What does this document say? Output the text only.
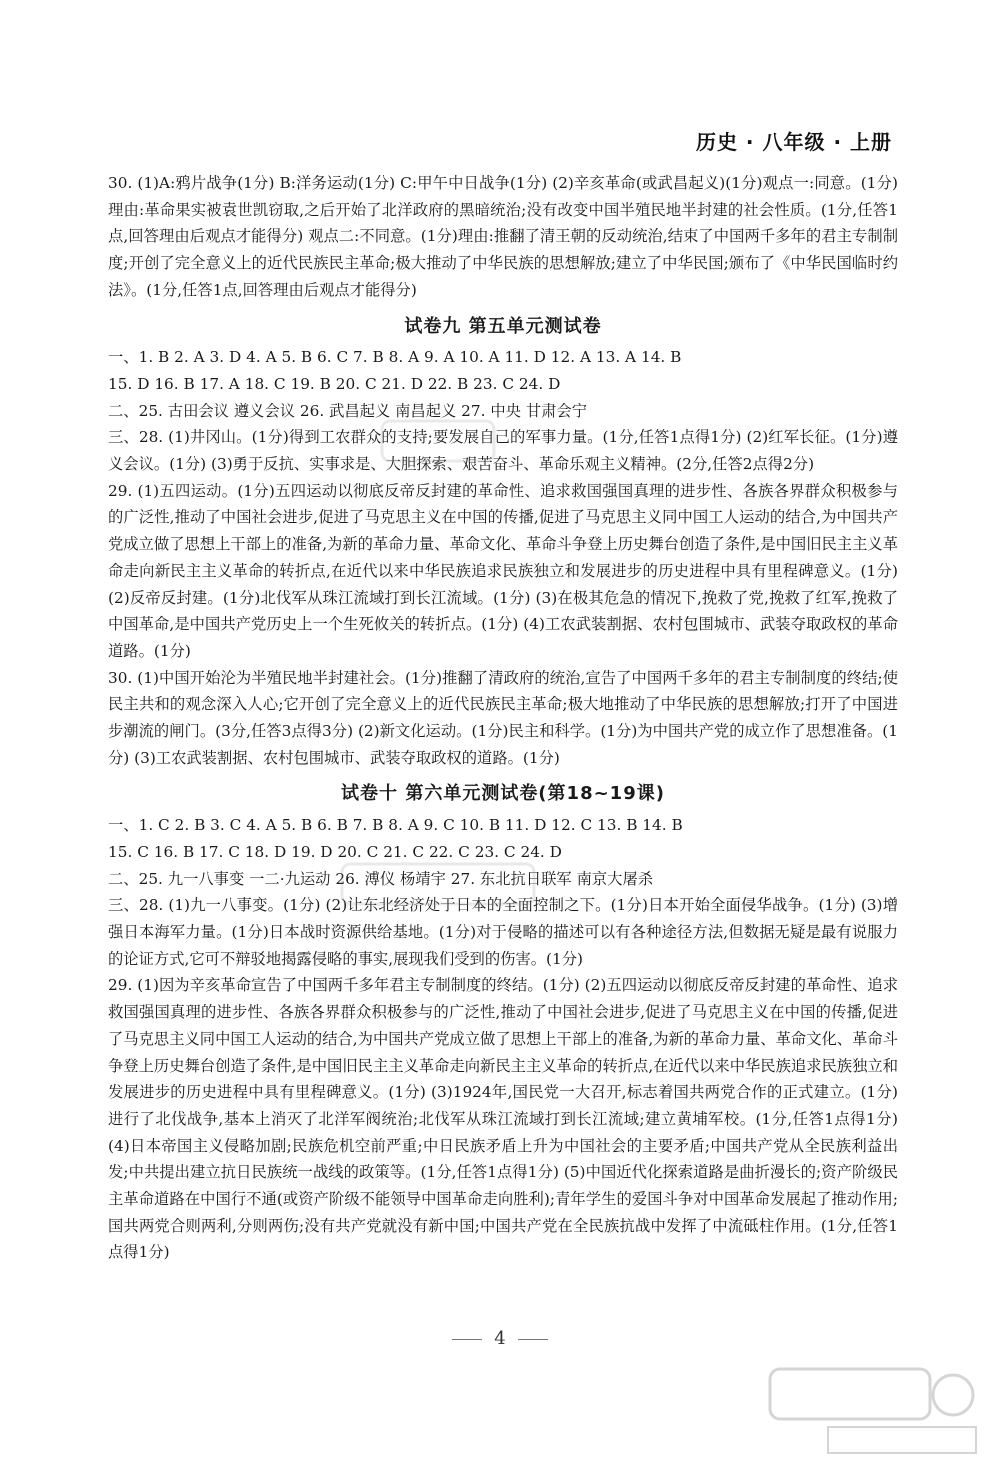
历史 · 八年级 · 上册

30. (1)A:鸦片战争(1分) B:洋务运动(1分) C:甲午中日战争(1分) (2)辛亥革命(或武昌起义)(1分)观点一:同意。(1分)理由:革命果实被袁世凯窃取,之后开始了北洋政府的黑暗统治;没有改变中国半殖民地半封建的社会性质。(1分,任答1点,回答理由后观点才能得分) 观点二:不同意。(1分)理由:推翻了清王朝的反动统治,结束了中国两千多年的君主专制制度;开创了完全意义上的近代民族民主革命;极大推动了中华民族的思想解放;建立了中华民国;颁布了《中华民国临时约法》。(1分,任答1点,回答理由后观点才能得分)

试卷九 第五单元测试卷

一、1. B 2. A 3. D 4. A 5. B 6. C 7. B 8. A 9. A 10. A 11. D 12. A 13. A 14. B

15. D 16. B 17. A 18. C 19. B 20. C 21. D 22. B 23. C 24. D

二、25. 古田会议 遵义会议 26. 武昌起义 南昌起义 27. 中央 甘肃会宁

三、28. (1)井冈山。(1分)得到工农群众的支持;要发展自己的军事力量。(1分,任答1点得1分) (2)红军长征。(1分)遵义会议。(1分) (3)勇于反抗、实事求是、大胆探索、艰苦奋斗、革命乐观主义精神。(2分,任答2点得2分)

29. (1)五四运动。(1分)五四运动以彻底反帝反封建的革命性、追求救国强国真理的进步性、各族各界群众积极参与的广泛性,推动了中国社会进步,促进了马克思主义在中国的传播,促进了马克思主义同中国工人运动的结合,为中国共产党成立做了思想上干部上的准备,为新的革命力量、革命文化、革命斗争登上历史舞台创造了条件,是中国旧民主主义革命走向新民主主义革命的转折点,在近代以来中华民族追求民族独立和发展进步的历史进程中具有里程碑意义。(1分) (2)反帝反封建。(1分)北伐军从珠江流域打到长江流域。(1分) (3)在极其危急的情况下,挽救了党,挽救了红军,挽救了中国革命,是中国共产党历史上一个生死攸关的转折点。(1分) (4)工农武装割据、农村包围城市、武装夺取政权的革命道路。(1分)

30. (1)中国开始沦为半殖民地半封建社会。(1分)推翻了清政府的统治,宣告了中国两千多年的君主专制制度的终结;使民主共和的观念深入人心;它开创了完全意义上的近代民族民主革命;极大地推动了中华民族的思想解放;打开了中国进步潮流的闸门。(3分,任答3点得3分) (2)新文化运动。(1分)民主和科学。(1分)为中国共产党的成立作了思想准备。(1分) (3)工农武装割据、农村包围城市、武装夺取政权的道路。(1分)

试卷十 第六单元测试卷(第18~19课)

一、1. C 2. B 3. C 4. A 5. B 6. B 7. B 8. A 9. C 10. B 11. D 12. C 13. B 14. B

15. C 16. B 17. C 18. D 19. D 20. C 21. C 22. C 23. C 24. D

二、25. 九一八事变 一二·九运动 26. 溥仪 杨靖宇 27. 东北抗日联军 南京大屠杀

三、28. (1)九一八事变。(1分) (2)让东北经济处于日本的全面控制之下。(1分)日本开始全面侵华战争。(1分) (3)增强日本海军力量。(1分)日本战时资源供给基地。(1分)对于侵略的描述可以有各种途径方法,但数据无疑是最有说服力的论证方式,它可不辩驳地揭露侵略的事实,展现我们受到的伤害。(1分)

29. (1)因为辛亥革命宣告了中国两千多年君主专制制度的终结。(1分) (2)五四运动以彻底反帝反封建的革命性、追求救国强国真理的进步性、各族各界群众积极参与的广泛性,推动了中国社会进步,促进了马克思主义在中国的传播,促进了马克思主义同中国工人运动的结合,为中国共产党成立做了思想上干部上的准备,为新的革命力量、革命文化、革命斗争登上历史舞台创造了条件,是中国旧民主主义革命走向新民主主义革命的转折点,在近代以来中华民族追求民族独立和发展进步的历史进程中具有里程碑意义。(1分) (3)1924年,国民党一大召开,标志着国共两党合作的正式建立。(1分)进行了北伐战争,基本上消灭了北洋军阀统治;北伐军从珠江流域打到长江流域;建立黄埔军校。(1分,任答1点得1分) (4)日本帝国主义侵略加剧;民族危机空前严重;中日民族矛盾上升为中国社会的主要矛盾;中国共产党从全民族利益出发;中共提出建立抗日民族统一战线的政策等。(1分,任答1点得1分) (5)中国近代化探索道路是曲折漫长的;资产阶级民主革命道路在中国行不通(或资产阶级不能领导中国革命走向胜利);青年学生的爱国斗争对中国革命发展起了推动作用;国共两党合则两利,分则两伤;没有共产党就没有新中国;中国共产党在全民族抗战中发挥了中流砥柱作用。(1分,任答1点得1分)

4
